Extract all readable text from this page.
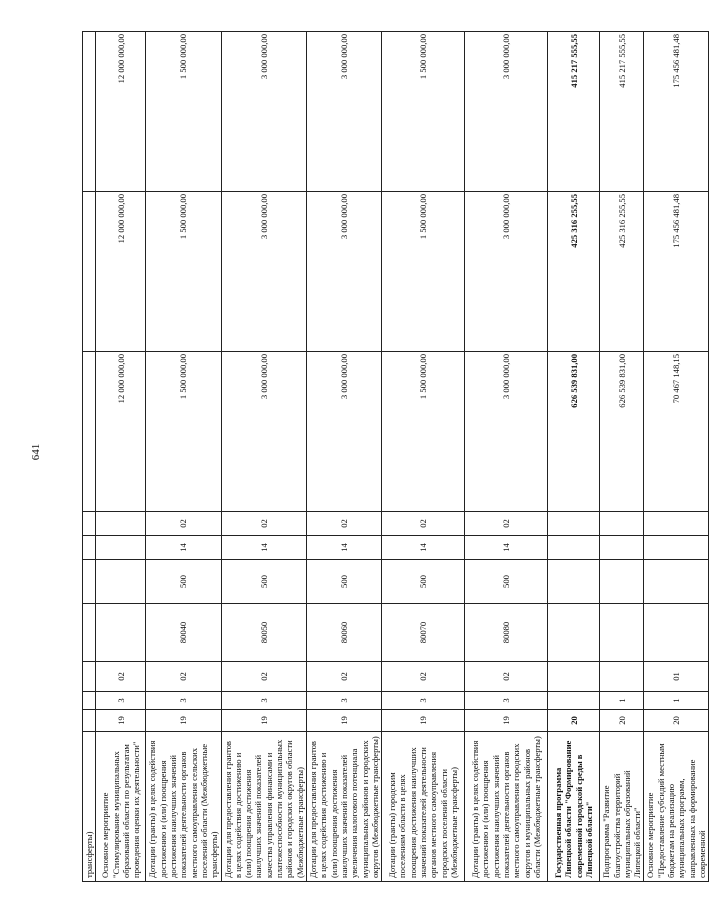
641
трансферты)										
Основное мероприятие "Стимулирование муниципальных образований области по результатам проведения оценки их деятельности"	19	3	02					12 000 000,00	12 000 000,00	12 000 000,00
Дотации (гранты) в целях содействия достижению и (или) поощрения достижения наилучших значений показателей деятельности органов местного самоуправления сельских поселений области (Межбюджетные трансферты)	19	3	02	80040	500	14	02	1 500 000,00	1 500 000,00	1 500 000,00
Дотации для предоставления грантов в целях содействия достижению и (или) поощрения достижения наилучших значений показателей качества управления финансами и платежеспособности муниципальных районов и городских округов области (Межбюджетные трансферты)	19	3	02	80050	500	14	02	3 000 000,00	3 000 000,00	3 000 000,00
Дотации для предоставления грантов в целях содействия достижению и (или) поощрения достижения наилучших значений показателей увеличения налогового потенциала муниципальных районов и городских округов (Межбюджетные трансферты)	19	3	02	80060	500	14	02	3 000 000,00	3 000 000,00	3 000 000,00
Дотации (гранты) городским поселениям области в целях поощрения достижения наилучших значений показателей деятельности органов местного самоуправления городских поселений области (Межбюджетные трансферты)	19	3	02	80070	500	14	02	1 500 000,00	1 500 000,00	1 500 000,00
Дотации (гранты) в целях содействия достижению и (или) поощрения достижения наилучших значений показателей деятельности органов местного самоуправления городских округов и муниципальных районов области (Межбюджетные трансферты)	19	3	02	80080	500	14	02	3 000 000,00	3 000 000,00	3 000 000,00
Государственная программа Липецкой области "Формирование современной городской среды в Липецкой области"	20							626 539 831,00	425 316 255,55	415 217 555,55
Подпрограмма "Развитие благоустройства территорий муниципальных образований Липецкой области"	20	1						626 539 831,00	425 316 255,55	415 217 555,55
Основное мероприятие "Предоставление субсидий местным бюджетам на реализацию муниципальных программ, направленных на формирование современной	20	1	01					70 467 148,15	175 456 481,48	175 456 481,48
